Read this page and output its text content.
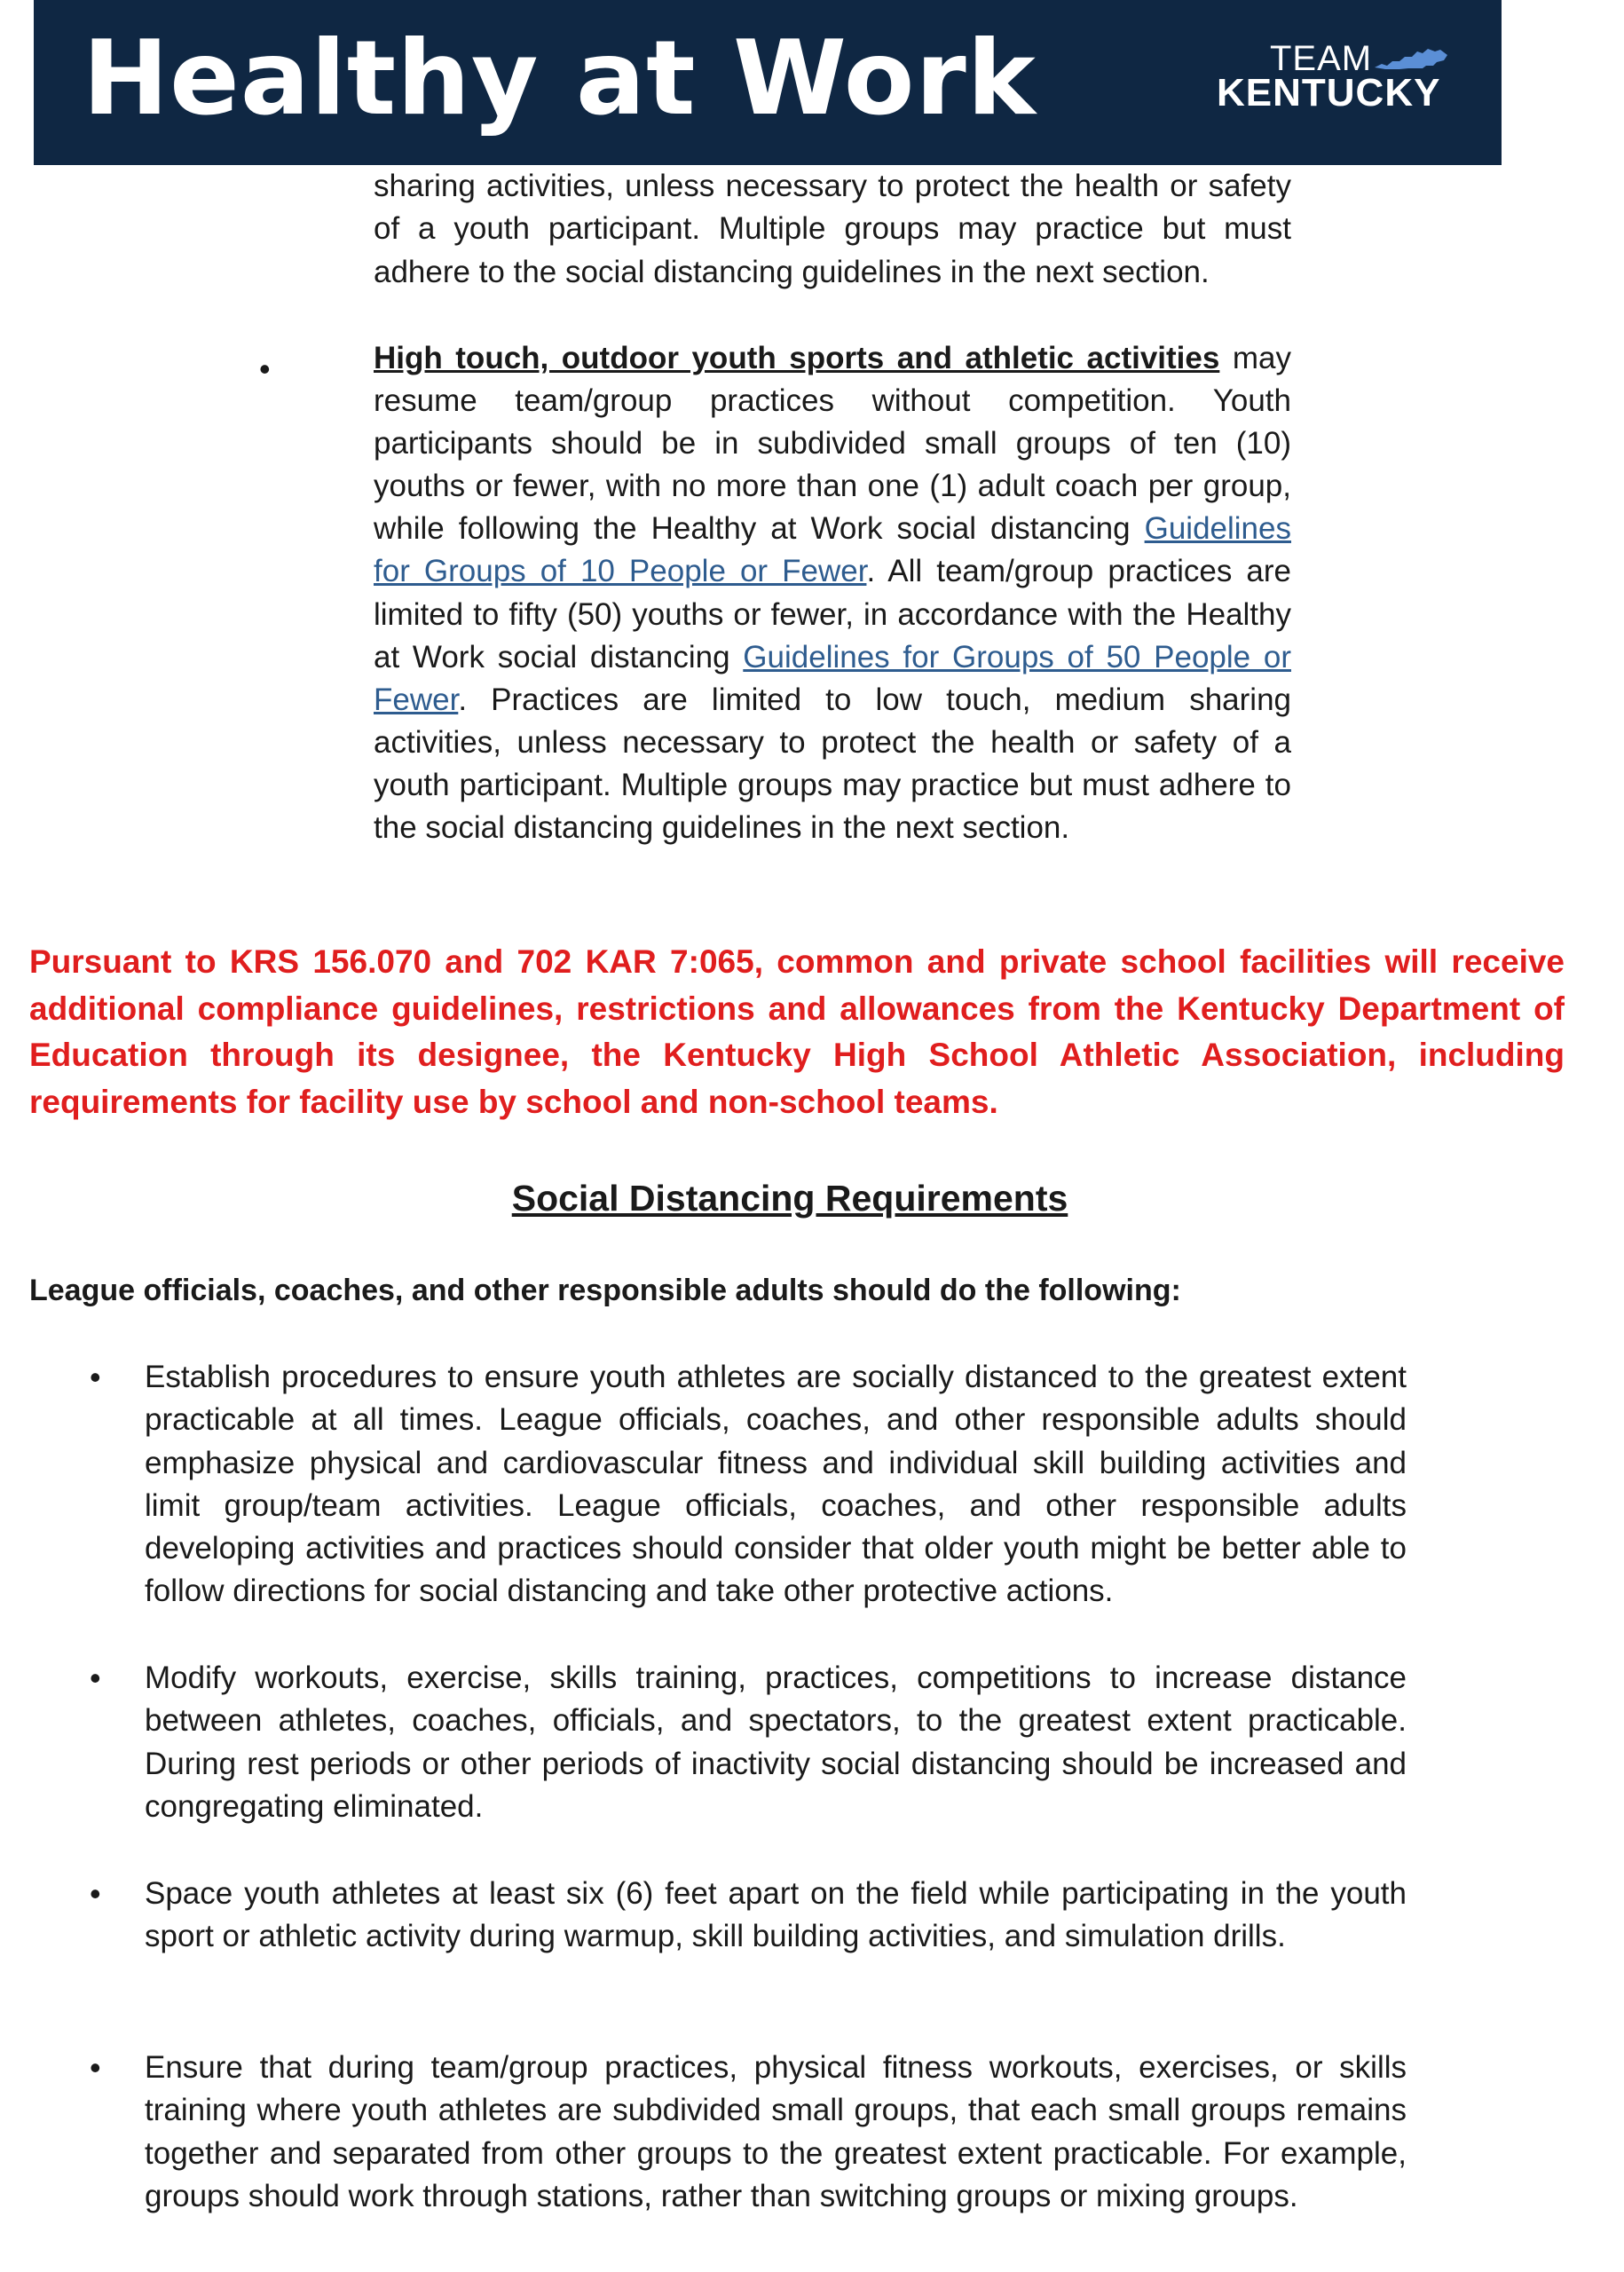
Healthy at Work	TEAM
KENTUCKY

sharing activities, unless necessary to protect the health or safety of a youth participant. Multiple groups may practice but must adhere to the social distancing guidelines in the next section.

•	High touch, outdoor youth sports and athletic activities may resume team/group practices without competition. Youth participants should be in subdivided small groups of ten (10) youths or fewer, with no more than one (1) adult coach per group, while following the Healthy at Work social distancing Guidelines for Groups of 10 People or Fewer. All team/group practices are limited to fifty (50) youths or fewer, in accordance with the Healthy at Work social distancing Guidelines for Groups of 50 People or Fewer. Practices are limited to low touch, medium sharing activities, unless necessary to protect the health or safety of a youth participant. Multiple groups may practice but must adhere to the social distancing guidelines in the next section.

Pursuant to KRS 156.070 and 702 KAR 7:065, common and private school facilities will receive additional compliance guidelines, restrictions and allowances from the Kentucky Department of Education through its designee, the Kentucky High School Athletic Association, including requirements for facility use by school and non-school teams.

Social Distancing Requirements

League officials, coaches, and other responsible adults should do the following:

• Establish procedures to ensure youth athletes are socially distanced to the greatest extent practicable at all times. League officials, coaches, and other responsible adults should emphasize physical and cardiovascular fitness and individual skill building activities and limit group/team activities. League officials, coaches, and other responsible adults developing activities and practices should consider that older youth might be better able to follow directions for social distancing and take other protective actions.
• Modify workouts, exercise, skills training, practices, competitions to increase distance between athletes, coaches, officials, and spectators, to the greatest extent practicable. During rest periods or other periods of inactivity social distancing should be increased and congregating eliminated.
• Space youth athletes at least six (6) feet apart on the field while participating in the youth sport or athletic activity during warmup, skill building activities, and simulation drills.
• Ensure that during team/group practices, physical fitness workouts, exercises, or skills training where youth athletes are subdivided small groups, that each small groups remains together and separated from other groups to the greatest extent practicable. For example, groups should work through stations, rather than switching groups or mixing groups.
